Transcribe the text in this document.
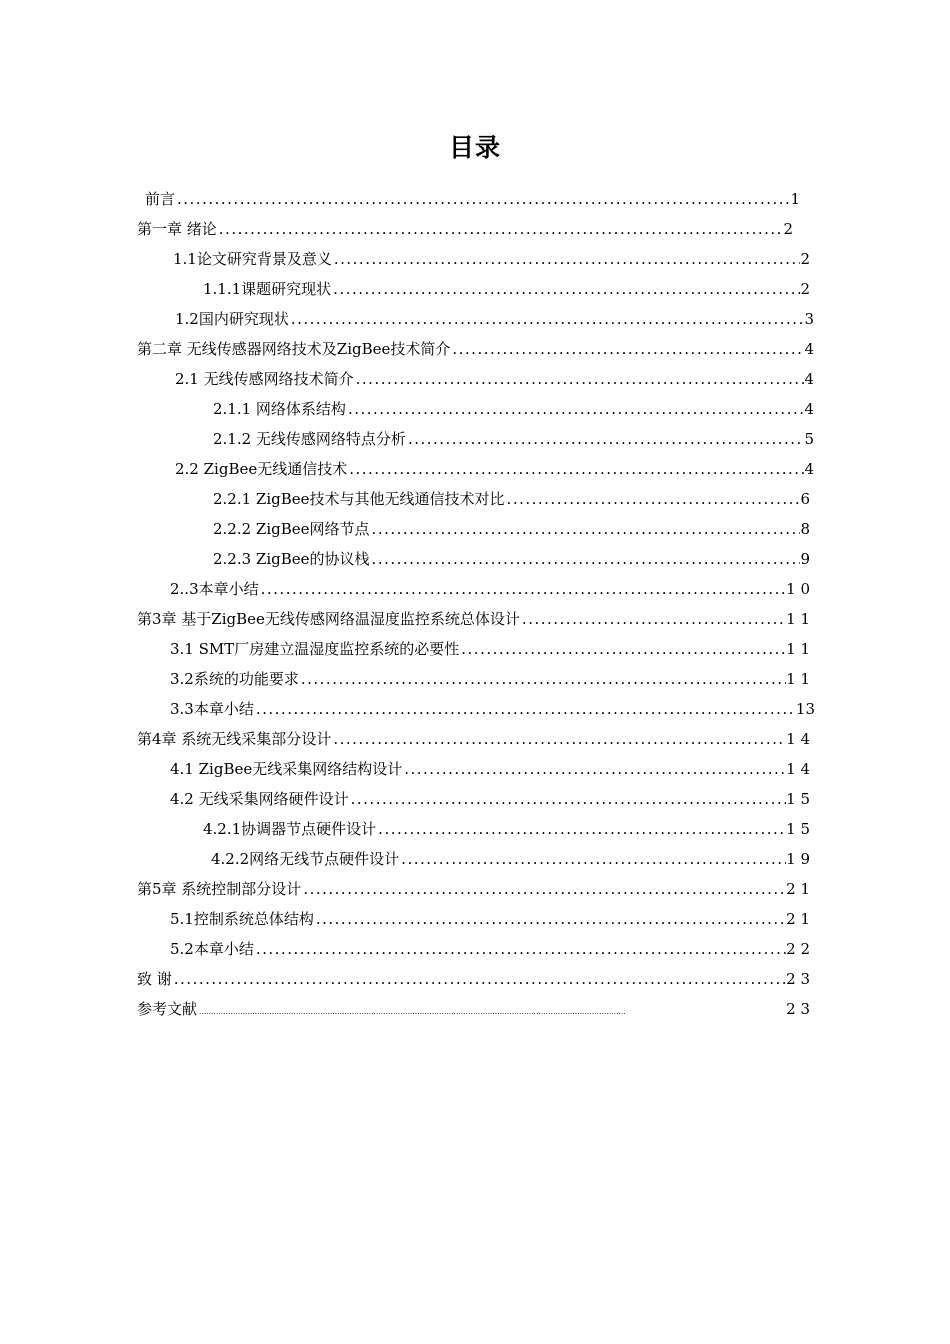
目录
前言 .....	1
第一章 绪论 .....	2
1.1论文研究背景及意义 .....	2
1.1.1课题研究现状 .....	2
1.2国内研究现状 .....	3
第二章 无线传感器网络技术及ZigBee技术简介 .....	4
2.1 无线传感网络技术简介 .....	4
2.1.1 网络体系结构 .....	4
2.1.2 无线传感网络特点分析 .....	5
2.2 ZigBee无线通信技术 .....	4
2.2.1 ZigBee技术与其他无线通信技术对比 .....	6
2.2.2 ZigBee网络节点 .....	8
2.2.3 ZigBee的协议栈 .....	9
2..3本章小结 .....	1 0
第3章 基于ZigBee无线传感网络温湿度监控系统总体设计 .....	1 1
3.1 SMT厂房建立温湿度监控系统的必要性 .....	1 1
3.2系统的功能要求 .....	1 1
3.3本章小结 .....	13
第4章 系统无线采集部分设计 .....	1 4
4.1 ZigBee无线采集网络结构设计 .....	1 4
4.2 无线采集网络硬件设计 .....	1 5
4.2.1协调器节点硬件设计 .....	1 5
4.2.2网络无线节点硬件设计 .....	1 9
第5章 系统控制部分设计 .....	2 1
5.1控制系统总体结构 .....	2 1
5.2本章小结 .....	2 2
致 谢 .....	2 3
参考文献 .....	2 3
